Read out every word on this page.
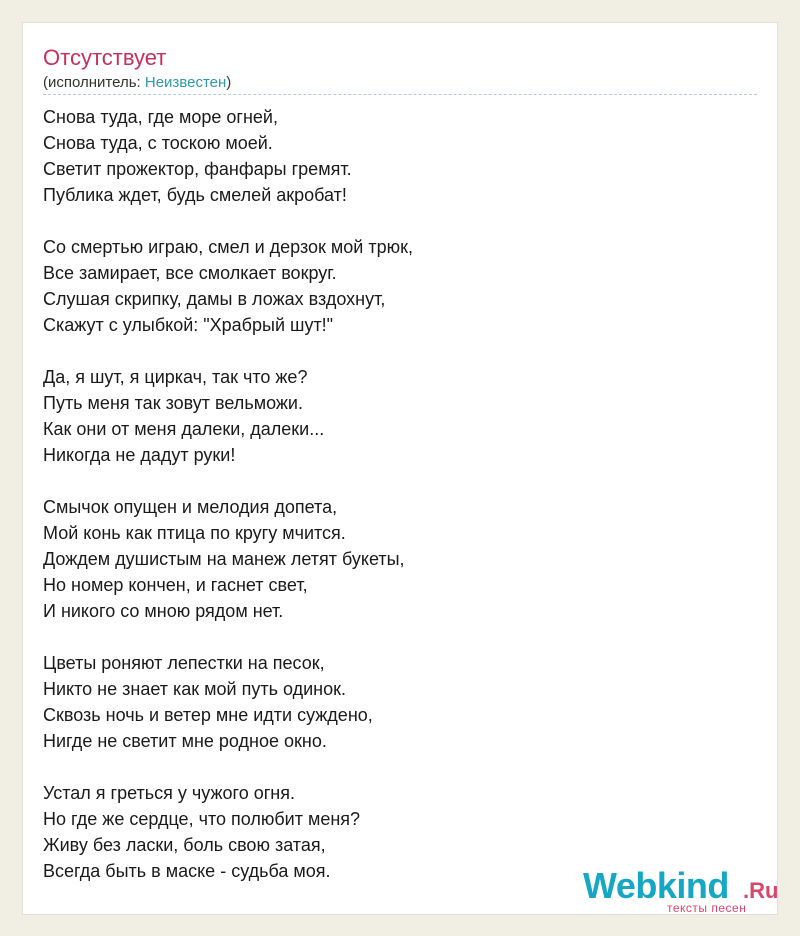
Отсутствует
(исполнитель: Неизвестен)
Снова туда, где море огней,
Снова туда, с тоскою моей.
Светит прожектор, фанфары гремят.
Публика ждет, будь смелей акробат!
Со смертью играю, смел и дерзок мой трюк,
Все замирает, все смолкает вокруг.
Слушая скрипку, дамы в ложах вздохнут,
Скажут с улыбкой: "Храбрый шут!"
Да, я шут, я циркач, так что же?
Путь меня так зовут вельможи.
Как они от меня далеки, далеки...
Никогда не дадут руки!
Смычок опущен и мелодия допета,
Мой конь как птица по кругу мчится.
Дождем душистым на манеж летят букеты,
Но номер кончен, и гаснет свет,
И никого со мною рядом нет.
Цветы роняют лепестки на песок,
Никто не знает как мой путь одинок.
Сквозь ночь и ветер мне идти суждено,
Нигде не светит мне родное окно.
Устал я греться у чужого огня.
Но где же сердце, что полюбит меня?
Живу без ласки, боль свою затая,
Всегда быть в маске - судьба моя.	Webkind .Ru
тексты песен
